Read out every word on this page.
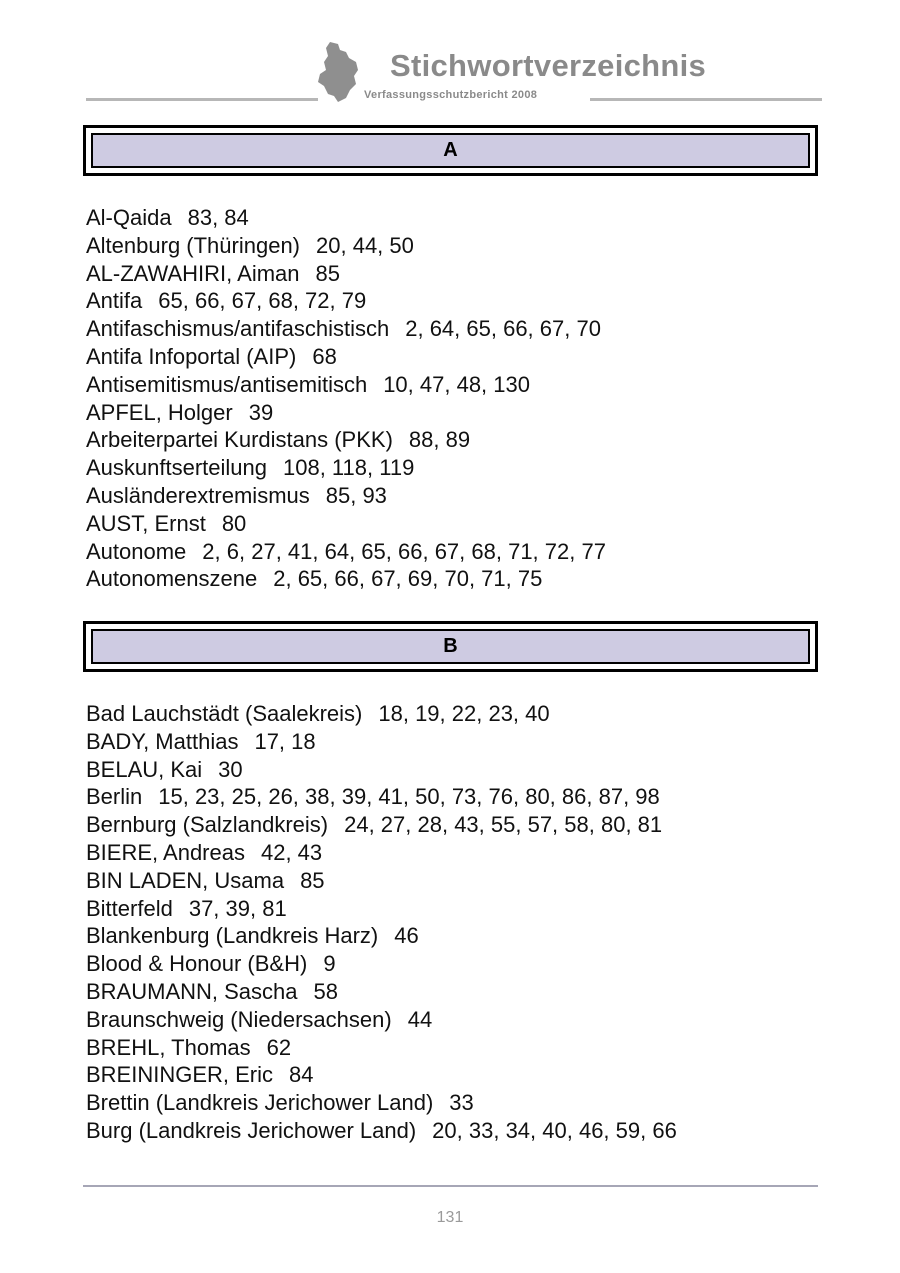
Stichwortverzeichnis
Verfassungsschutzbericht 2008
A
Al-Qaida 83, 84
Altenburg (Thüringen) 20, 44, 50
AL-ZAWAHIRI, Aiman 85
Antifa 65, 66, 67, 68, 72, 79
Antifaschismus/antifaschistisch 2, 64, 65, 66, 67, 70
Antifa Infoportal (AIP) 68
Antisemitismus/antisemitisch 10, 47, 48, 130
APFEL, Holger 39
Arbeiterpartei Kurdistans (PKK) 88, 89
Auskunftserteilung 108, 118, 119
Ausländerextremismus 85, 93
AUST, Ernst 80
Autonome 2, 6, 27, 41, 64, 65, 66, 67, 68, 71, 72, 77
Autonomenszene 2, 65, 66, 67, 69, 70, 71, 75
B
Bad Lauchstädt (Saalekreis) 18, 19, 22, 23, 40
BADY, Matthias 17, 18
BELAU, Kai 30
Berlin 15, 23, 25, 26, 38, 39, 41, 50, 73, 76, 80, 86, 87, 98
Bernburg (Salzlandkreis) 24, 27, 28, 43, 55, 57, 58, 80, 81
BIERE, Andreas 42, 43
BIN LADEN, Usama 85
Bitterfeld 37, 39, 81
Blankenburg (Landkreis Harz) 46
Blood & Honour (B&H) 9
BRAUMANN, Sascha 58
Braunschweig (Niedersachsen) 44
BREHL, Thomas 62
BREININGER, Eric 84
Brettin (Landkreis Jerichower Land) 33
Burg (Landkreis Jerichower Land) 20, 33, 34, 40, 46, 59, 66
131
